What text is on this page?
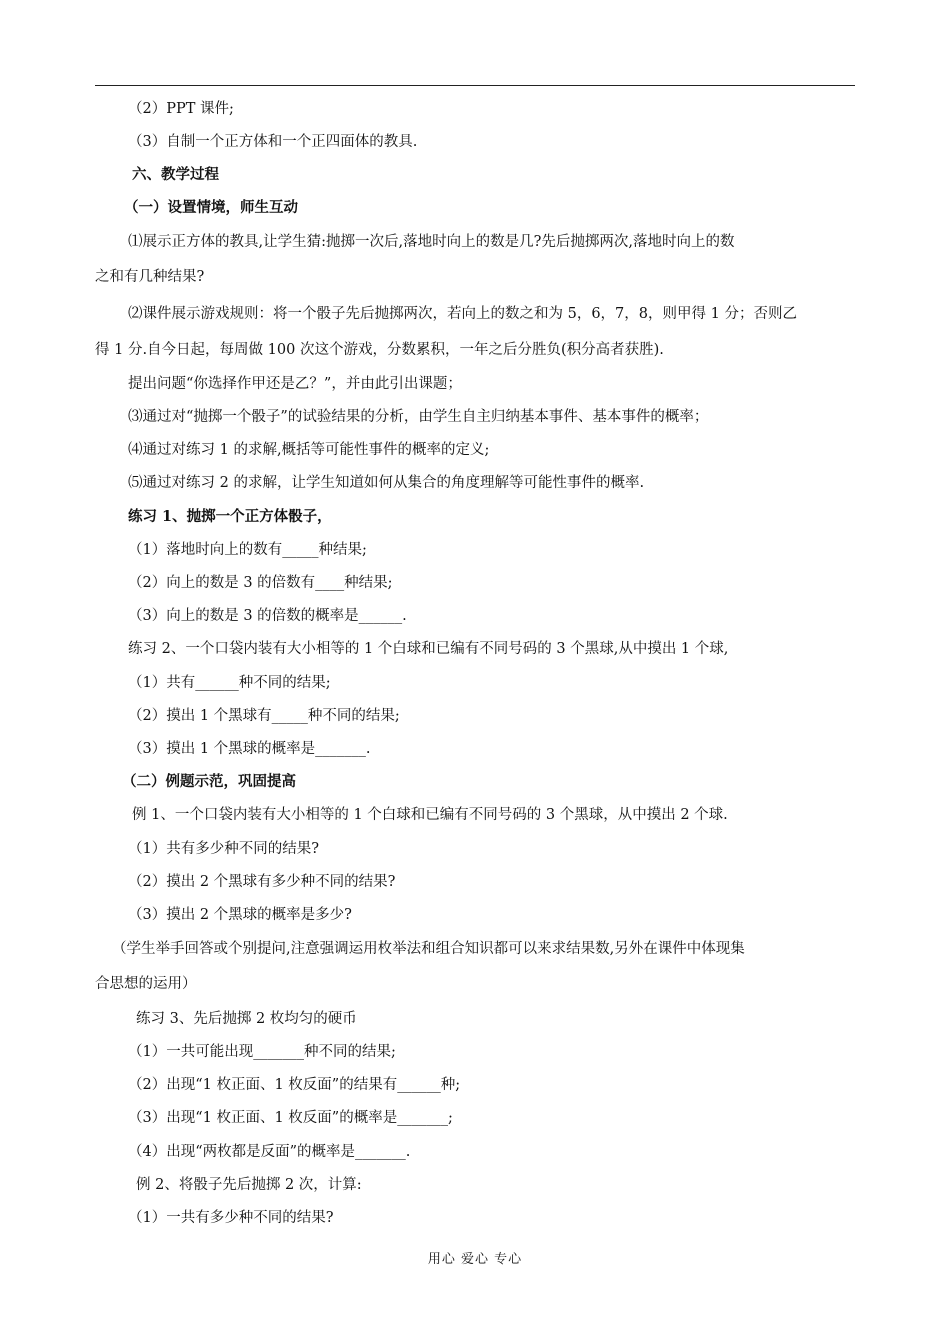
（2）PPT 课件;
（3）自制一个正方体和一个正四面体的教具.
六、教学过程
（一）设置情境，师生互动
⑴展示正方体的教具,让学生猜:抛掷一次后,落地时向上的数是几?先后抛掷两次,落地时向上的数
之和有几种结果?
⑵课件展示游戏规则：将一个骰子先后抛掷两次，若向上的数之和为 5，6，7，8，则甲得 1 分；否则乙
得 1 分.自今日起，每周做 100 次这个游戏，分数累积，一年之后分胜负(积分高者获胜).
提出问题“你选择作甲还是乙？”，并由此引出课题；
⑶通过对“抛掷一个骰子”的试验结果的分析，由学生自主归纳基本事件、基本事件的概率；
⑷通过对练习 1 的求解,概括等可能性事件的概率的定义;
⑸通过对练习 2 的求解，让学生知道如何从集合的角度理解等可能性事件的概率.
练习 1、抛掷一个正方体骰子，
（1）落地时向上的数有_____种结果;
（2）向上的数是 3 的倍数有____种结果;
（3）向上的数是 3 的倍数的概率是______.
练习 2、一个口袋内装有大小相等的 1 个白球和已编有不同号码的 3 个黑球,从中摸出 1 个球,
（1）共有______种不同的结果;
（2）摸出 1 个黑球有_____种不同的结果;
（3）摸出 1 个黑球的概率是_______.
（二）例题示范，巩固提高
例 1、一个口袋内装有大小相等的 1 个白球和已编有不同号码的 3 个黑球，从中摸出 2 个球.
（1）共有多少种不同的结果?
（2）摸出 2 个黑球有多少种不同的结果?
（3）摸出 2 个黑球的概率是多少?
（学生举手回答或个别提问,注意强调运用枚举法和组合知识都可以来求结果数,另外在课件中体现集
合思想的运用）
练习 3、先后抛掷 2 枚均匀的硬币
（1）一共可能出现_______种不同的结果;
（2）出现“1 枚正面、1 枚反面”的结果有______种;
（3）出现“1 枚正面、1 枚反面”的概率是_______;
（4）出现“两枚都是反面”的概率是_______.
例 2、将骰子先后抛掷 2 次，计算:
（1）一共有多少种不同的结果?
用心 爱心 专心
